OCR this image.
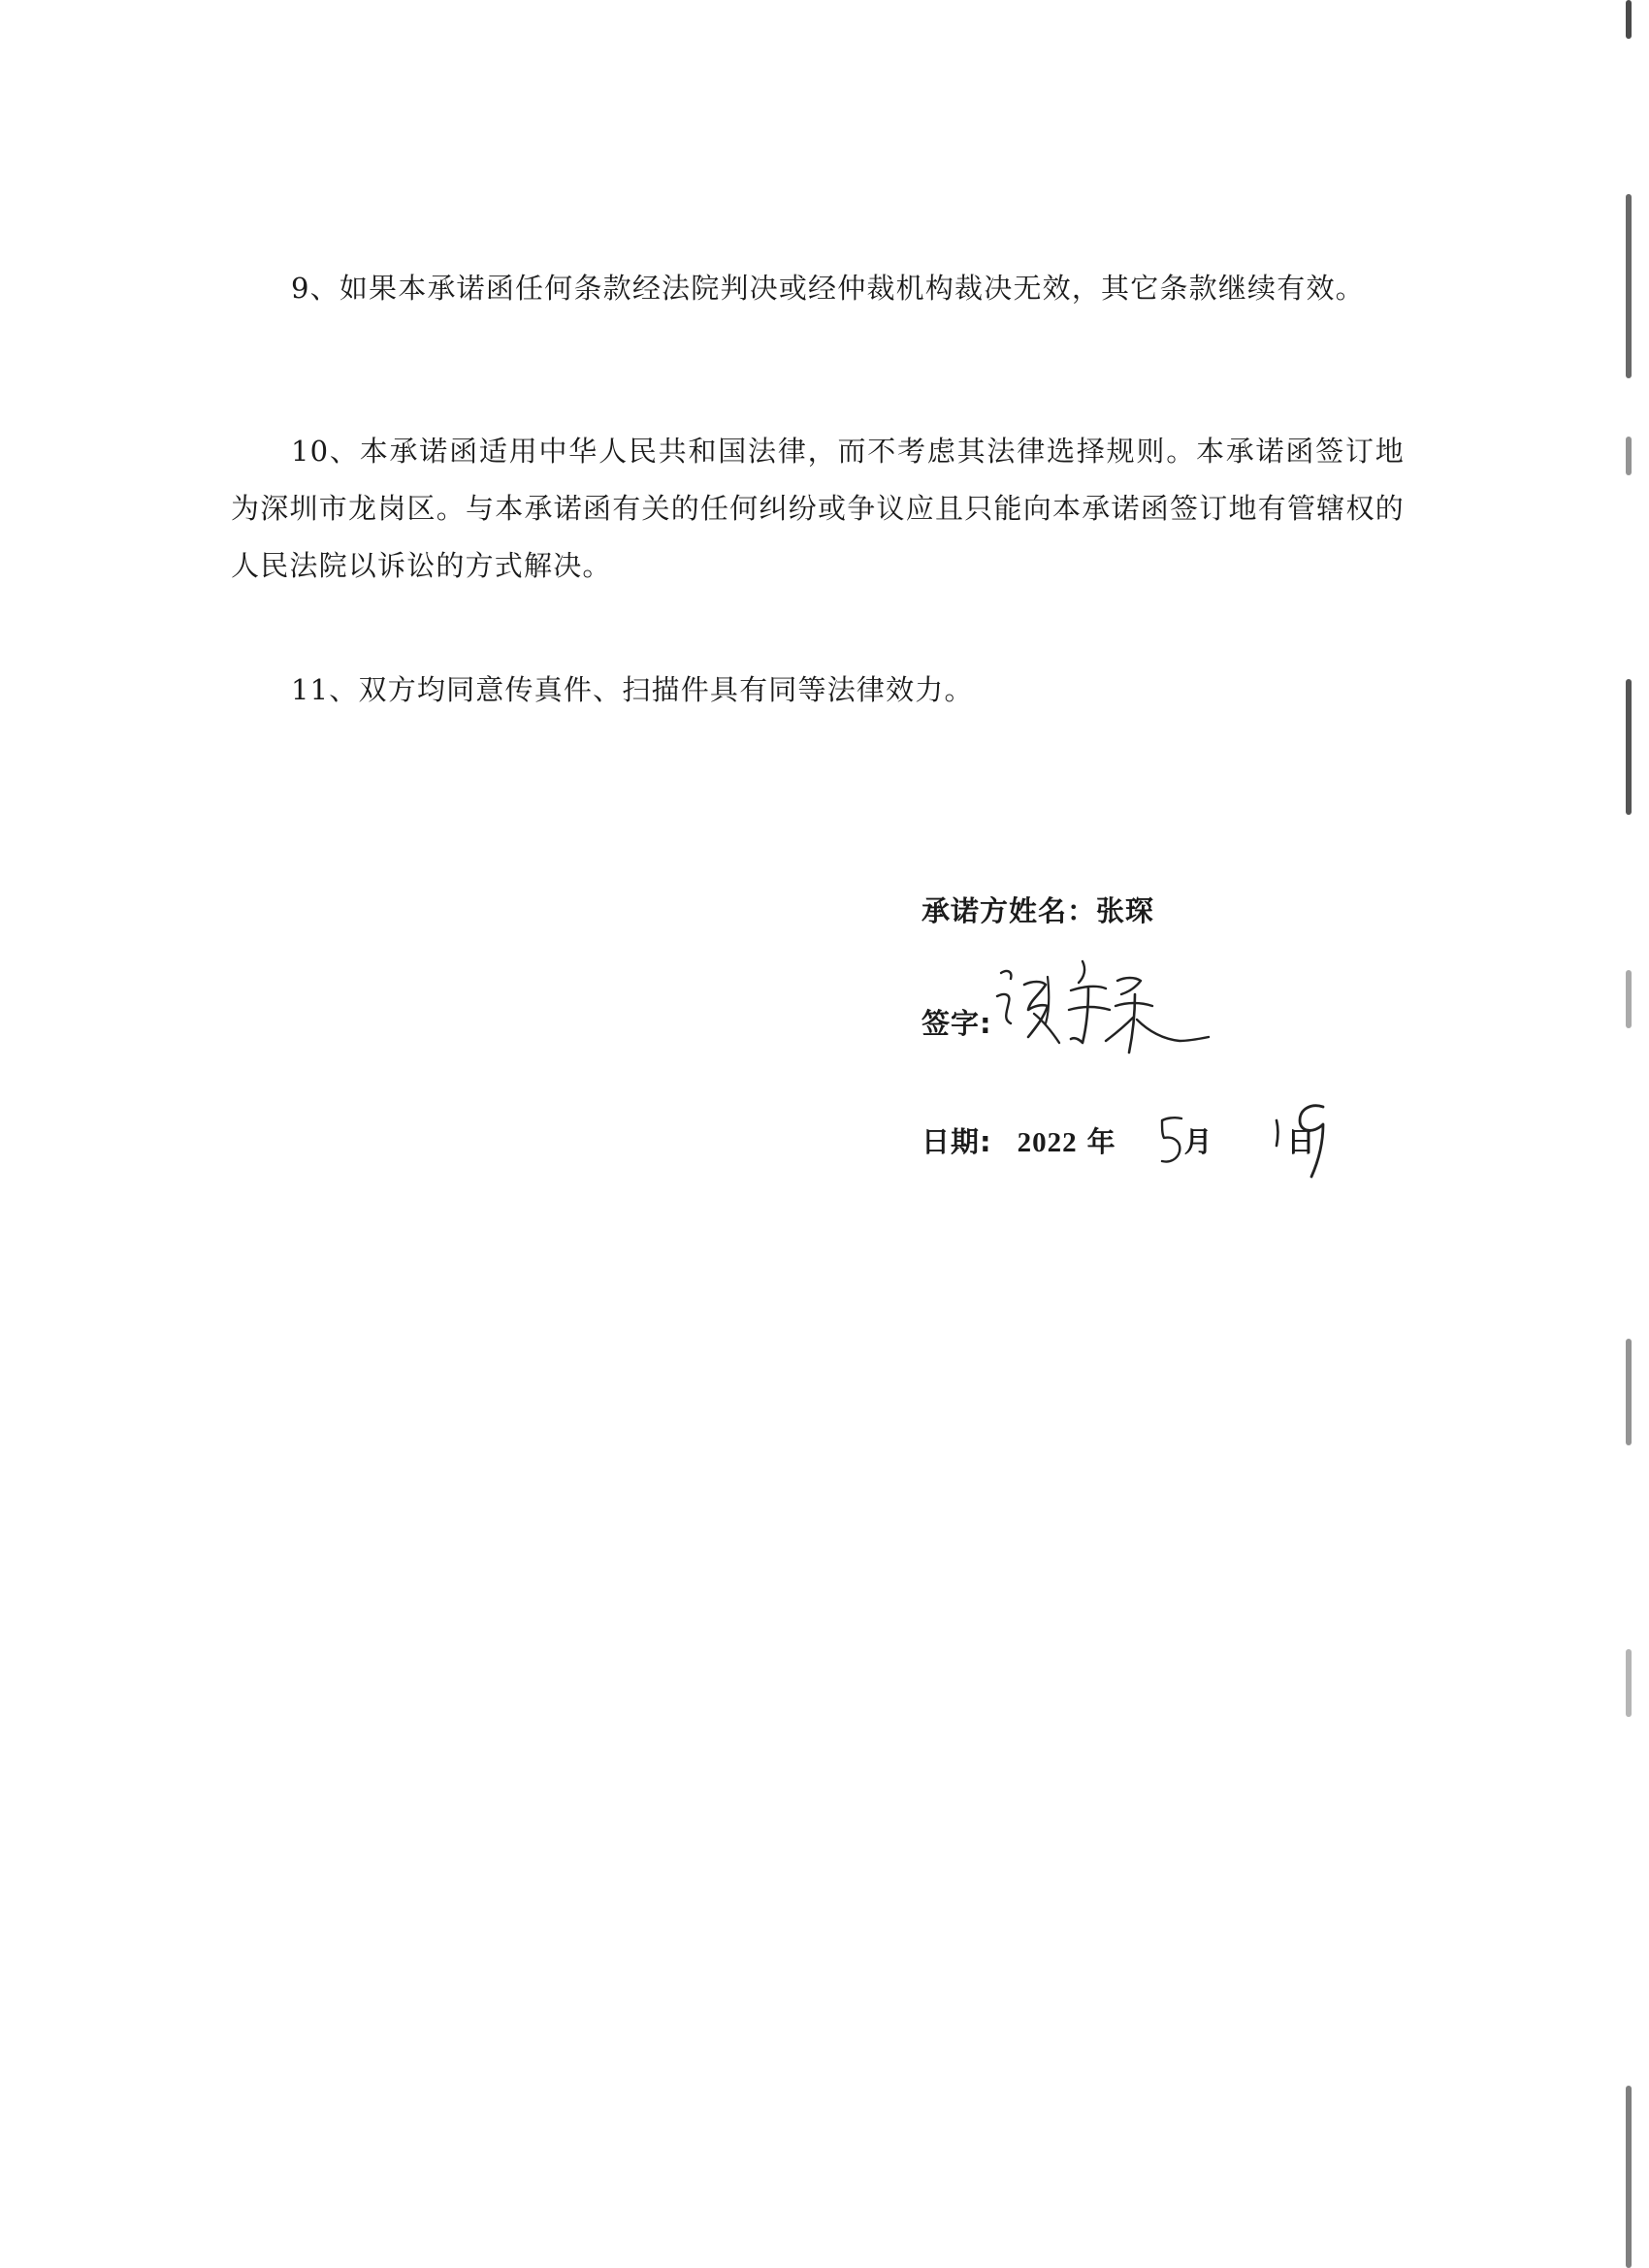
9、如果本承诺函任何条款经法院判决或经仲裁机构裁决无效，其它条款继续有效。

10、本承诺函适用中华人民共和国法律，而不考虑其法律选择规则。本承诺函签订地为深圳市龙岗区。与本承诺函有关的任何纠纷或争议应且只能向本承诺函签订地有管辖权的人民法院以诉讼的方式解决。

11、双方均同意传真件、扫描件具有同等法律效力。

承诺方姓名：张琛
签字:
日期: 2022 年 月	日
